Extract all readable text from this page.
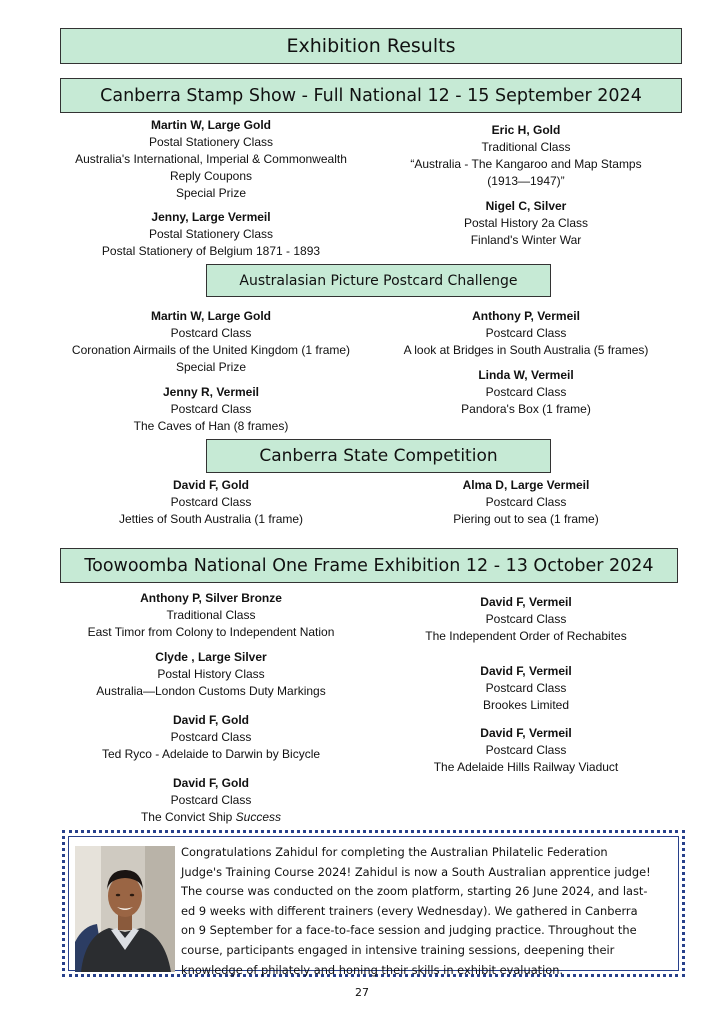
Exhibition Results
Canberra Stamp Show - Full National 12 - 15 September 2024
Martin W, Large Gold
Postal Stationery Class
Australia's International, Imperial & Commonwealth
Reply Coupons
Special Prize
Jenny, Large Vermeil
Postal Stationery Class
Postal Stationery of Belgium 1871 - 1893
Eric H, Gold
Traditional Class
“Australia - The Kangaroo and Map Stamps
(1913—1947)”
Nigel C, Silver
Postal History 2a Class
Finland's Winter War
Australasian Picture Postcard Challenge
Martin W, Large Gold
Postcard Class
Coronation Airmails of the United Kingdom (1 frame)
Special Prize
Jenny R, Vermeil
Postcard Class
The Caves of Han (8 frames)
Anthony P, Vermeil
Postcard Class
A look at Bridges in South Australia (5 frames)
Linda W, Vermeil
Postcard Class
Pandora's Box (1 frame)
Canberra State Competition
David F, Gold
Postcard Class
Jetties of South Australia (1 frame)
Alma D, Large Vermeil
Postcard Class
Piering out to sea (1 frame)
Toowoomba National One Frame Exhibition 12 - 13 October 2024
Anthony P, Silver Bronze
Traditional Class
East Timor from Colony to Independent Nation
Clyde , Large Silver
Postal History Class
Australia—London Customs Duty Markings
David F, Gold
Postcard Class
Ted Ryco - Adelaide to Darwin by Bicycle
David F, Gold
Postcard Class
The Convict Ship Success
David F, Vermeil
Postcard Class
The Independent Order of Rechabites
David F, Vermeil
Postcard Class
Brookes Limited
David F, Vermeil
Postcard Class
The Adelaide Hills Railway Viaduct
Congratulations Zahidul for completing the Australian Philatelic Federation
Judge's Training Course 2024! Zahidul is now a South Australian apprentice judge!
The course was conducted on the zoom platform, starting 26 June 2024, and last-
ed 9 weeks with different trainers (every Wednesday). We gathered in Canberra
on 9 September for a face-to-face session and judging practice. Throughout the
course, participants engaged in intensive training sessions, deepening their
knowledge of philately and honing their skills in exhibit evaluation.
27
